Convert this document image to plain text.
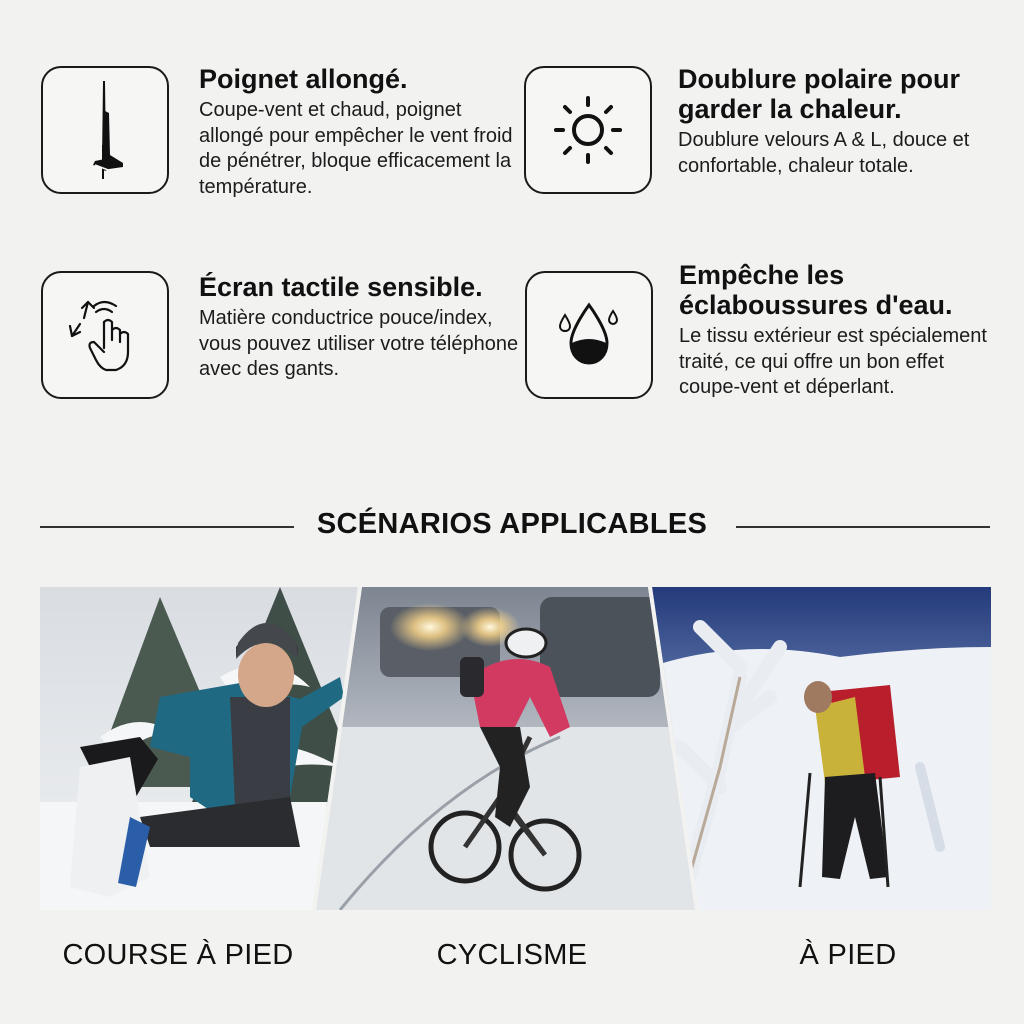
Poignet allongé.

Coupe-vent et chaud, poignet allongé pour empêcher le vent froid de pénétrer, bloque efficacement la température.

Doublure polaire pour garder la chaleur.

Doublure velours A & L, douce et confortable, chaleur totale.

Écran tactile sensible.

Matière conductrice pouce/index, vous pouvez utiliser votre téléphone avec des gants.

Empêche les éclaboussures d'eau.

Le tissu extérieur est spécialement traité, ce qui offre un bon effet coupe-vent et déperlant.

SCÉNARIOS APPLICABLES
COURSE À PIED	CYCLISME	À PIED
